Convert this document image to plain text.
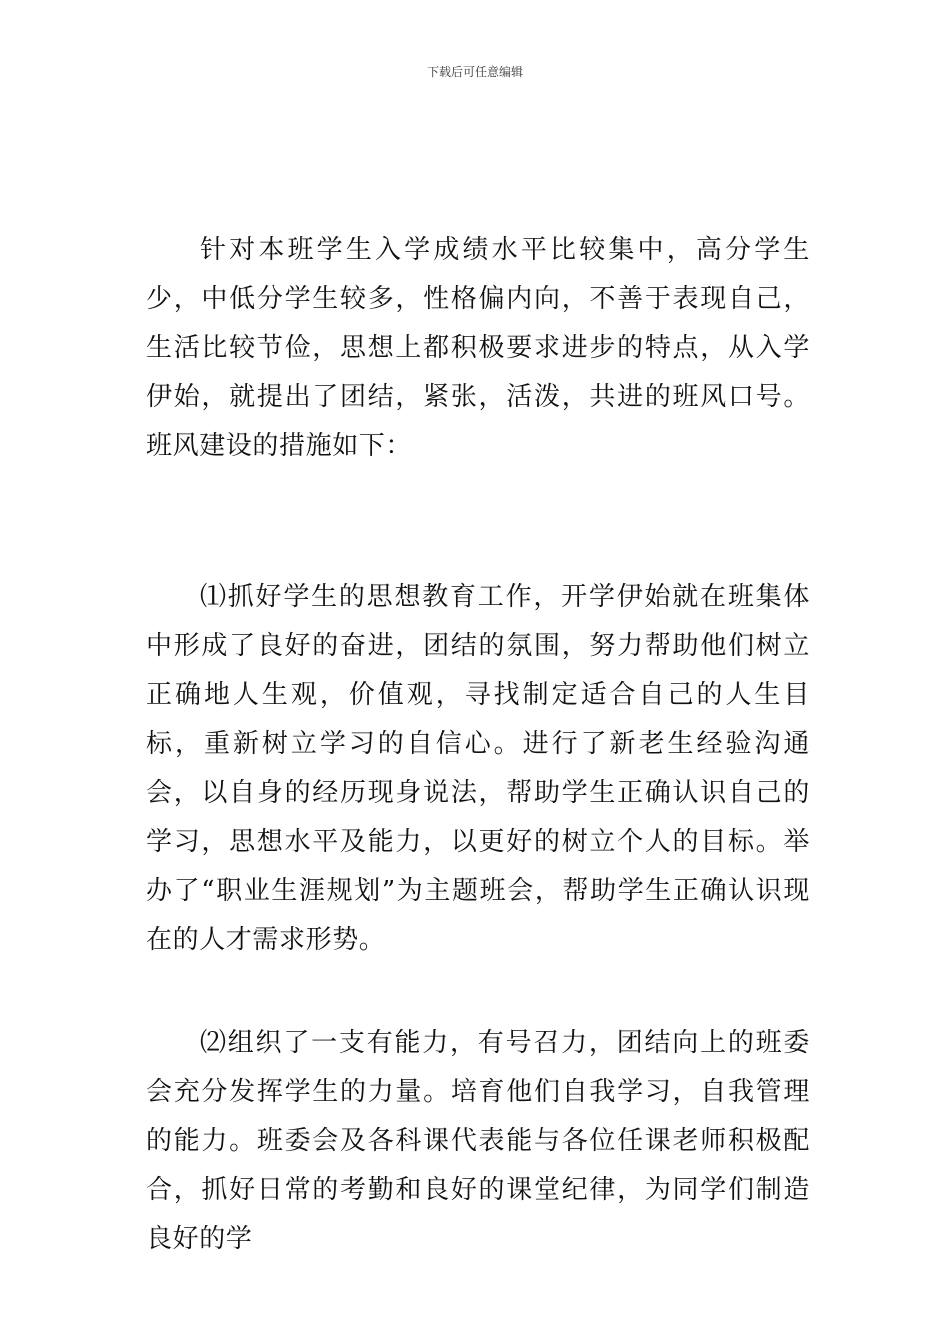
下载后可任意编辑

针对本班学生入学成绩水平比较集中，高分学生少，中低分学生较多，性格偏内向，不善于表现自己，生活比较节俭，思想上都积极要求进步的特点，从入学伊始，就提出了团结，紧张，活泼，共进的班风口号。班风建设的措施如下：

⑴抓好学生的思想教育工作，开学伊始就在班集体中形成了良好的奋进，团结的氛围，努力帮助他们树立正确地人生观，价值观，寻找制定适合自己的人生目标，重新树立学习的自信心。进行了新老生经验沟通会，以自身的经历现身说法，帮助学生正确认识自己的学习，思想水平及能力，以更好的树立个人的目标。举办了“职业生涯规划”为主题班会，帮助学生正确认识现在的人才需求形势。

⑵组织了一支有能力，有号召力，团结向上的班委会充分发挥学生的力量。培育他们自我学习，自我管理的能力。班委会及各科课代表能与各位任课老师积极配合，抓好日常的考勤和良好的课堂纪律，为同学们制造良好的学
